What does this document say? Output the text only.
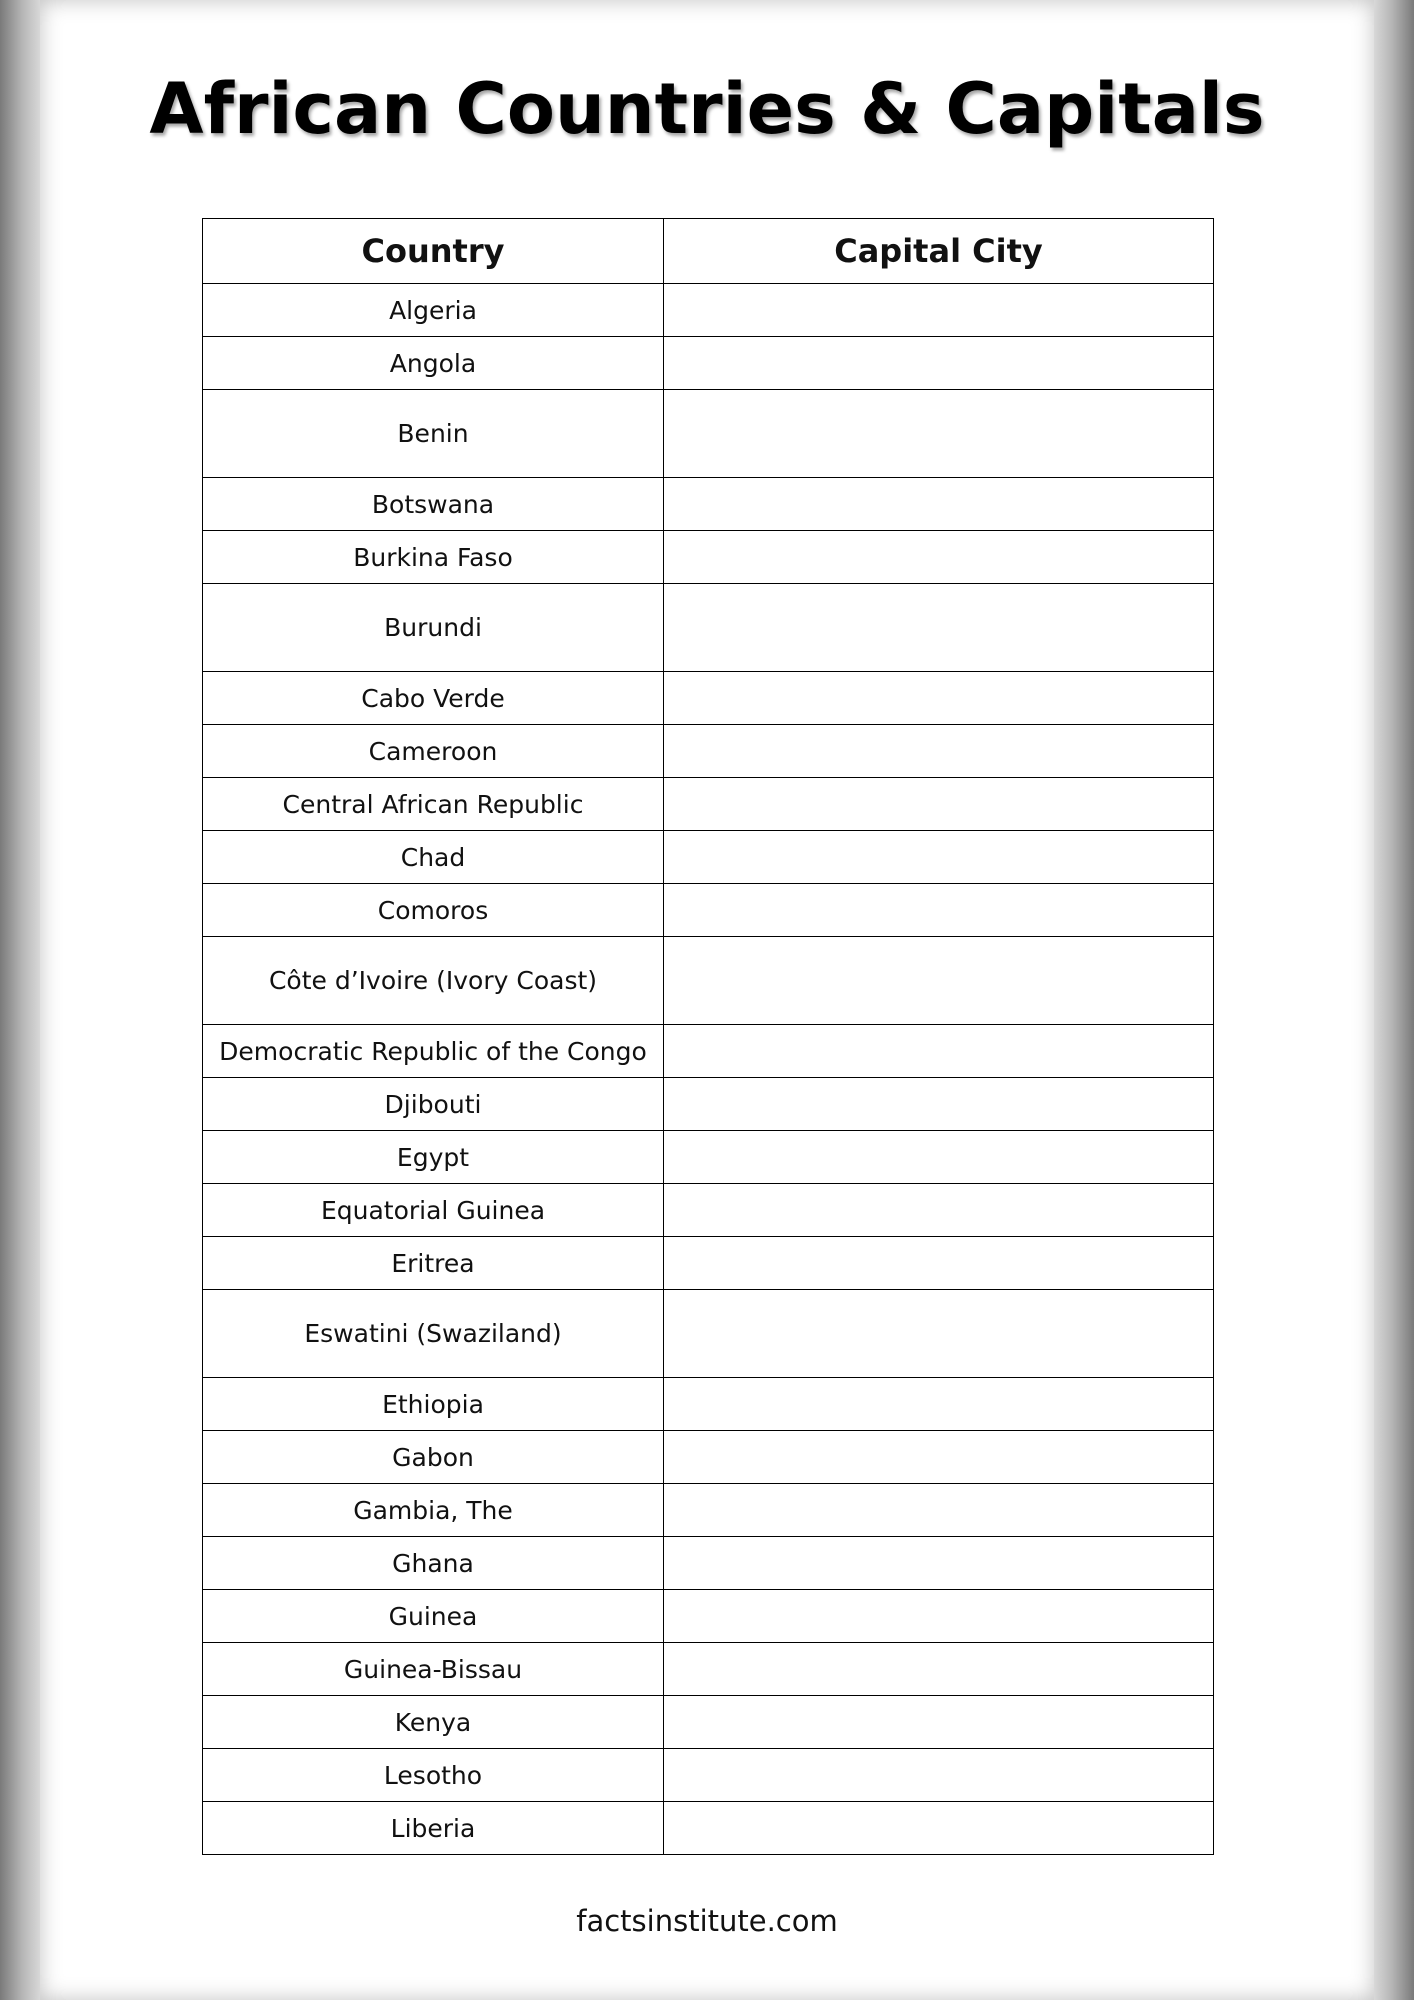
African Countries & Capitals
Country	Capital City
Algeria	
Angola	
Benin	
Botswana	
Burkina Faso	
Burundi	
Cabo Verde	
Cameroon	
Central African Republic	
Chad	
Comoros	
Côte d’Ivoire (Ivory Coast)	
Democratic Republic of the Congo	
Djibouti	
Egypt	
Equatorial Guinea	
Eritrea	
Eswatini (Swaziland)	
Ethiopia	
Gabon	
Gambia, The	
Ghana	
Guinea	
Guinea-Bissau	
Kenya	
Lesotho	
Liberia	
factsinstitute.com
